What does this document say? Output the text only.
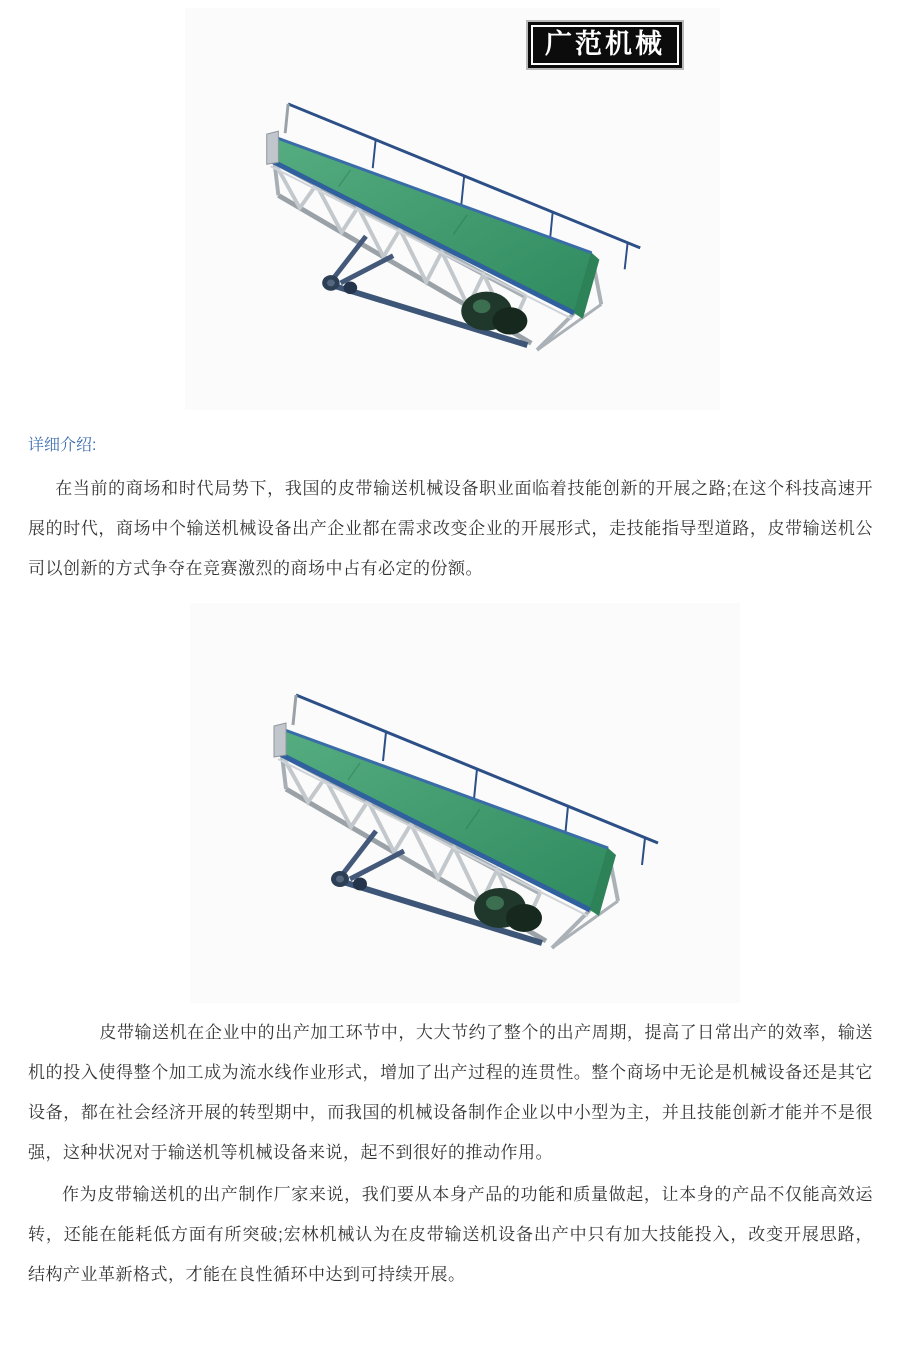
广范机械
详细介绍:

在当前的商场和时代局势下，我国的皮带输送机械设备职业面临着技能创新的开展之路;在这个科技高速开展的时代，商场中个输送机械设备出产企业都在需求改变企业的开展形式，走技能指导型道路，皮带输送机公司以创新的方式争夺在竞赛激烈的商场中占有必定的份额。

皮带输送机在企业中的出产加工环节中，大大节约了整个的出产周期，提高了日常出产的效率，输送机的投入使得整个加工成为流水线作业形式，增加了出产过程的连贯性。整个商场中无论是机械设备还是其它设备，都在社会经济开展的转型期中，而我国的机械设备制作企业以中小型为主，并且技能创新才能并不是很强，这种状况对于输送机等机械设备来说，起不到很好的推动作用。

作为皮带输送机的出产制作厂家来说，我们要从本身产品的功能和质量做起，让本身的产品不仅能高效运转，还能在能耗低方面有所突破;宏林机械认为在皮带输送机设备出产中只有加大技能投入，改变开展思路，结构产业革新格式，才能在良性循环中达到可持续开展。
